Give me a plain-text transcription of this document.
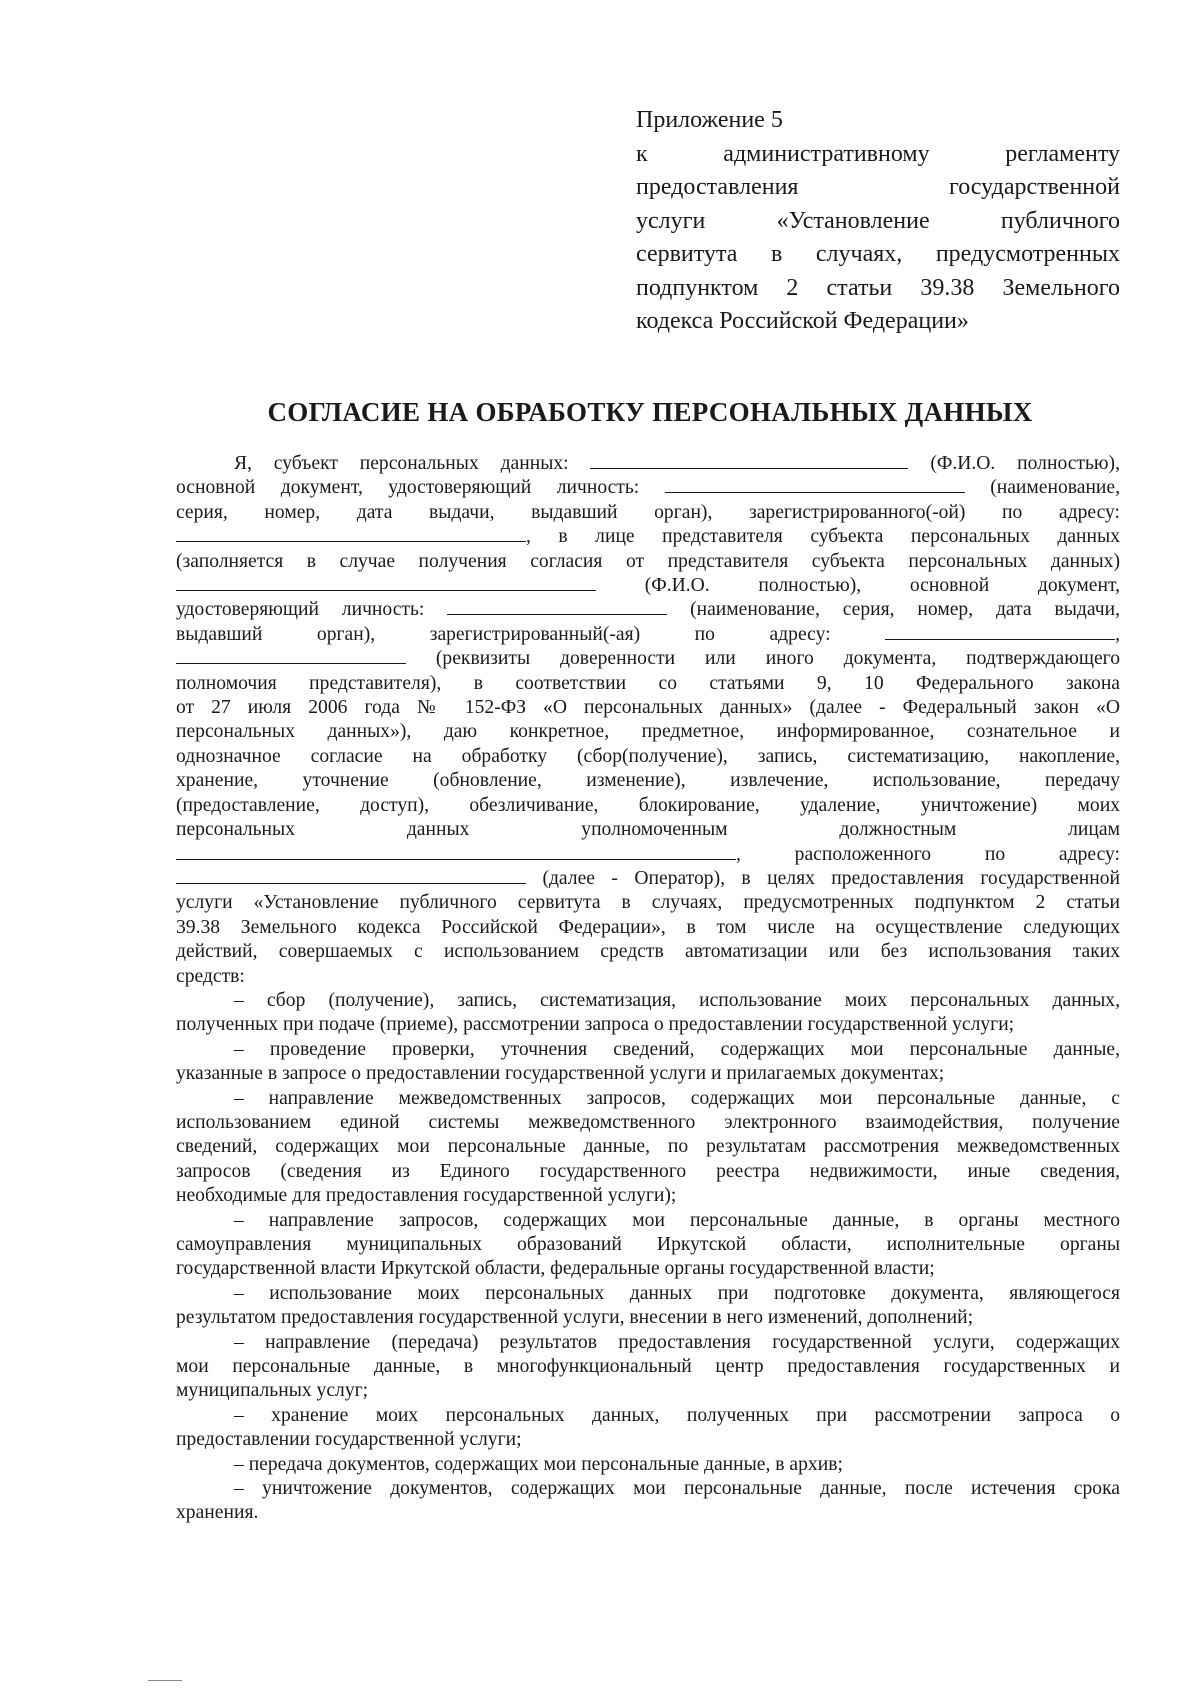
Приложение 5
к административному регламенту
предоставления государственной
услуги «Установление публичного
сервитута в случаях, предусмотренных
подпунктом 2 статьи 39.38 Земельного
кодекса Российской Федерации»
СОГЛАСИЕ НА ОБРАБОТКУ ПЕРСОНАЛЬНЫХ ДАННЫХ
Я, субъект персональных данных:	(Ф.И.О. полностью),
основной документ, удостоверяющий личность:	(наименование,
серия, номер, дата выдачи, выдавший орган), зарегистрированного(-ой) по адресу:
, в лице представителя субъекта персональных данных
(заполняется в случае получения согласия от представителя субъекта персональных данных)
(Ф.И.О. полностью), основной документ,
удостоверяющий личность:	(наименование, серия, номер, дата выдачи,
выдавший орган), зарегистрированный(-ая) по адресу:	,
(реквизиты доверенности или иного документа, подтверждающего
полномочия представителя), в соответствии со статьями 9, 10 Федерального закона
от 27 июля 2006 года № 152-ФЗ «О персональных данных» (далее - Федеральный закон «О
персональных данных»), даю конкретное, предметное, информированное, сознательное и
однозначное согласие на обработку (сбор(получение), запись, систематизацию, накопление,
хранение, уточнение (обновление, изменение), извлечение, использование, передачу
(предоставление, доступ), обезличивание, блокирование, удаление, уничтожение) моих
персональных данных уполномоченным должностным лицам
, расположенного по адресу:
(далее - Оператор), в целях предоставления государственной
услуги «Установление публичного сервитута в случаях, предусмотренных подпунктом 2 статьи
39.38 Земельного кодекса Российской Федерации», в том числе на осуществление следующих
действий, совершаемых с использованием средств автоматизации или без использования таких
средств:
– сбор (получение), запись, систематизация, использование моих персональных данных,
полученных при подаче (приеме), рассмотрении запроса о предоставлении государственной услуги;
– проведение проверки, уточнения сведений, содержащих мои персональные данные,
указанные в запросе о предоставлении государственной услуги и прилагаемых документах;
– направление межведомственных запросов, содержащих мои персональные данные, с
использованием единой системы межведомственного электронного взаимодействия, получение
сведений, содержащих мои персональные данные, по результатам рассмотрения межведомственных
запросов (сведения из Единого государственного реестра недвижимости, иные сведения,
необходимые для предоставления государственной услуги);
– направление запросов, содержащих мои персональные данные, в органы местного
самоуправления муниципальных образований Иркутской области, исполнительные органы
государственной власти Иркутской области, федеральные органы государственной власти;
– использование моих персональных данных при подготовке документа, являющегося
результатом предоставления государственной услуги, внесении в него изменений, дополнений;
– направление (передача) результатов предоставления государственной услуги, содержащих
мои персональные данные, в многофункциональный центр предоставления государственных и
муниципальных услуг;
– хранение моих персональных данных, полученных при рассмотрении запроса о
предоставлении государственной услуги;
– передача документов, содержащих мои персональные данные, в архив;
– уничтожение документов, содержащих мои персональные данные, после истечения срока
хранения.
